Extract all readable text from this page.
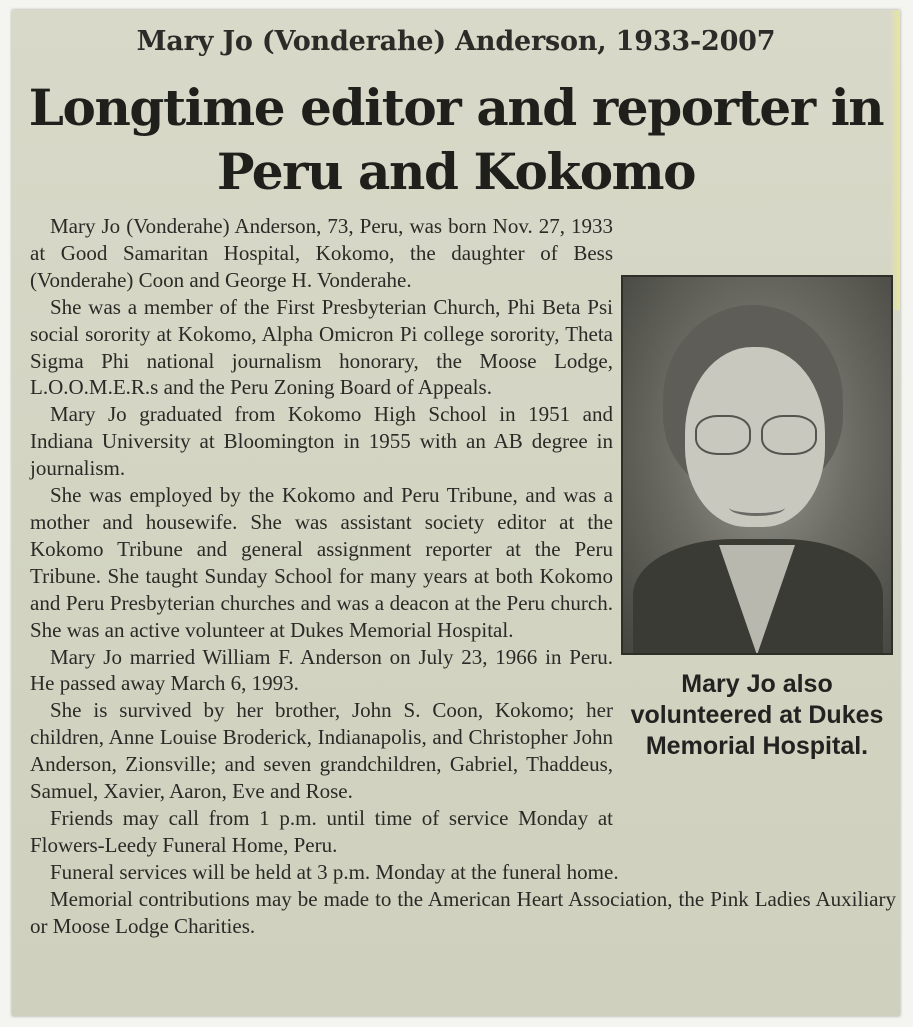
Mary Jo (Vonderahe) Anderson, 1933-2007
Longtime editor and reporter in Peru and Kokomo
Mary Jo also volunteered at Dukes Memorial Hospital.

Mary Jo (Vonderahe) Anderson, 73, Peru, was born Nov. 27, 1933 at Good Samaritan Hospital, Kokomo, the daughter of Bess (Vonderahe) Coon and George H. Vonderahe.

She was a member of the First Presbyterian Church, Phi Beta Psi social sorority at Kokomo, Alpha Omicron Pi college sorority, Theta Sigma Phi national journalism honorary, the Moose Lodge, L.O.O.M.E.R.s and the Peru Zoning Board of Appeals.

Mary Jo graduated from Kokomo High School in 1951 and Indiana University at Bloomington in 1955 with an AB degree in journalism.

She was employed by the Kokomo and Peru Tribune, and was a mother and housewife. She was assistant society editor at the Kokomo Tribune and general assignment reporter at the Peru Tribune. She taught Sunday School for many years at both Kokomo and Peru Presbyterian churches and was a deacon at the Peru church. She was an active volunteer at Dukes Memorial Hospital.

Mary Jo married William F. Anderson on July 23, 1966 in Peru. He passed away March 6, 1993.

She is survived by her brother, John S. Coon, Kokomo; her children, Anne Louise Broderick, Indianapolis, and Christopher John Anderson, Zionsville; and seven grandchildren, Gabriel, Thaddeus, Samuel, Xavier, Aaron, Eve and Rose.

Friends may call from 1 p.m. until time of service Monday at Flowers-Leedy Funeral Home, Peru.

Funeral services will be held at 3 p.m. Monday at the funeral home.

Memorial contributions may be made to the American Heart Association, the Pink Ladies Auxiliary or Moose Lodge Charities.
